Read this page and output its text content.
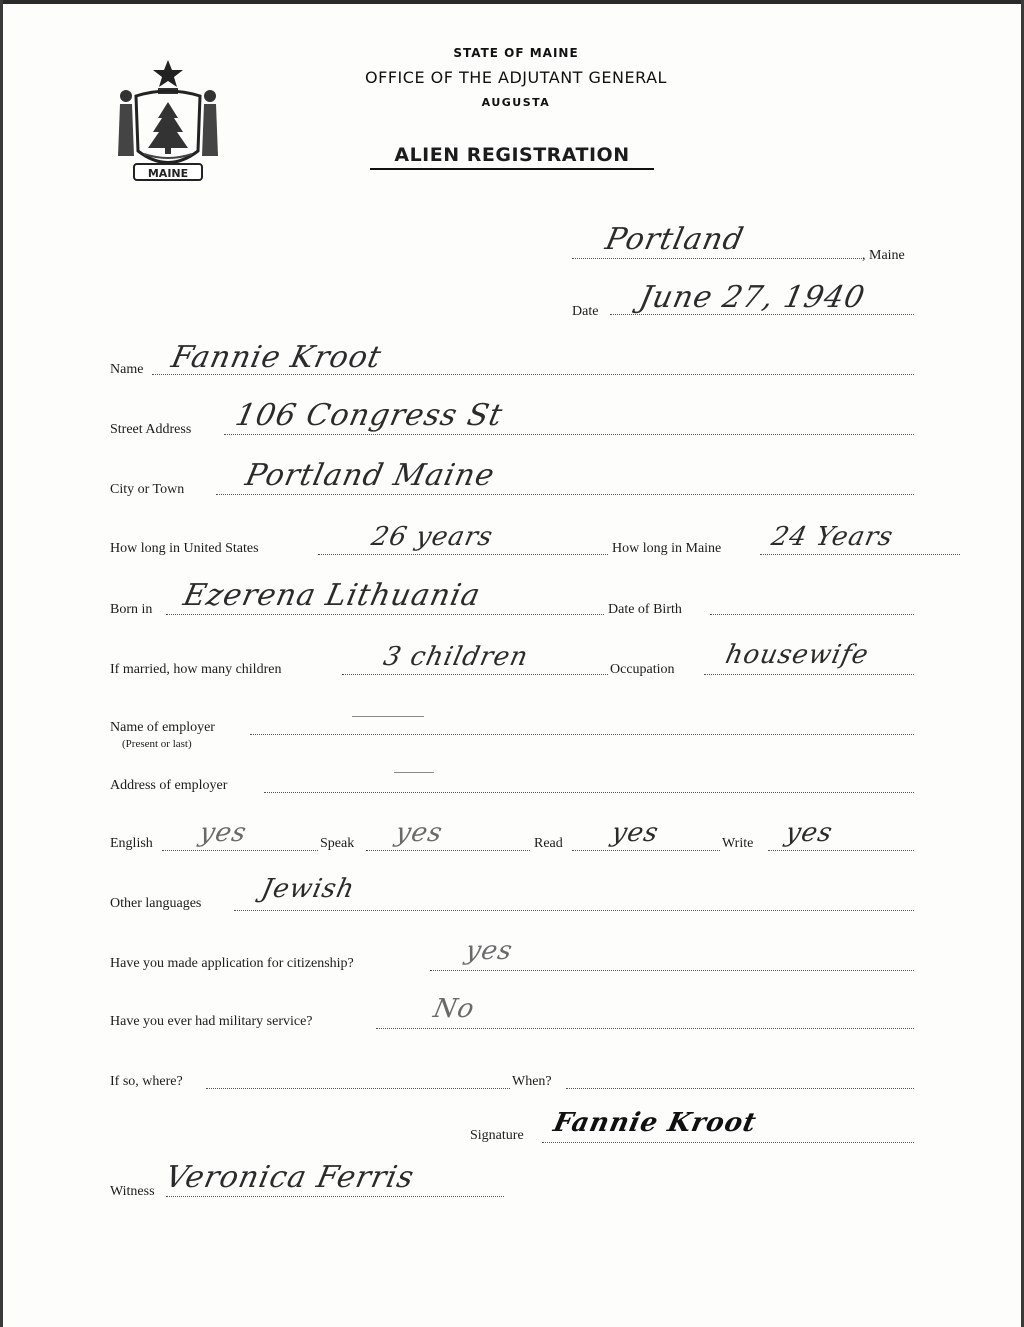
MAINE
STATE OF MAINE
OFFICE OF THE ADJUTANT GENERAL
AUGUSTA
ALIEN REGISTRATION
Portland	, Maine
Date June 27, 1940
Name Fannie Kroot
Street Address 106 Congress St
City or Town Portland Maine
How long in United States	26 years	How long in Maine 24 Years
Born in Ezerena Lithuania	Date of Birth
If married, how many children	3 children	Occupation housewife
Name of employer
(Present or last)
Address of employer
English yes	Speak yes	Read yes	Write yes
Other languages Jewish
Have you made application for citizenship?	yes
Have you ever had military service?	No
If so, where?	When?
Signature Fannie Kroot
Witness Veronica Ferris
